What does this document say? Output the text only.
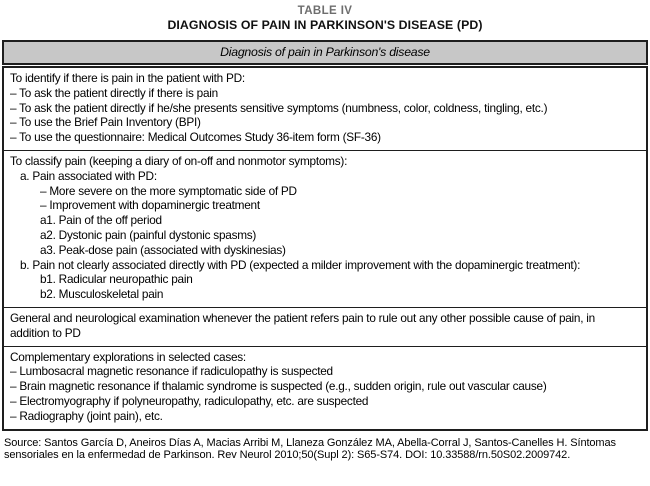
TABLE IV
DIAGNOSIS OF PAIN IN PARKINSON'S DISEASE (PD)
Diagnosis of pain in Parkinson's disease
To identify if there is pain in the patient with PD:
– To ask the patient directly if there is pain
– To ask the patient directly if he/she presents sensitive symptoms (numbness, color, coldness, tingling, etc.)
– To use the Brief Pain Inventory (BPI)
– To use the questionnaire: Medical Outcomes Study 36-item form (SF-36)
To classify pain (keeping a diary of on-off and nonmotor symptoms):
a. Pain associated with PD:
– More severe on the more symptomatic side of PD
– Improvement with dopaminergic treatment
a1. Pain of the off period
a2. Dystonic pain (painful dystonic spasms)
a3. Peak-dose pain (associated with dyskinesias)
b. Pain not clearly associated directly with PD (expected a milder improvement with the dopaminergic treatment):
b1. Radicular neuropathic pain
b2. Musculoskeletal pain
General and neurological examination whenever the patient refers pain to rule out any other possible cause of pain, in addition to PD
Complementary explorations in selected cases:
– Lumbosacral magnetic resonance if radiculopathy is suspected
– Brain magnetic resonance if thalamic syndrome is suspected (e.g., sudden origin, rule out vascular cause)
– Electromyography if polyneuropathy, radiculopathy, etc. are suspected
– Radiography (joint pain), etc.
Source: Santos García D, Aneiros Días A, Macias Arribi M, Llaneza González MA, Abella-Corral J, Santos-Canelles H. Síntomas sensoriales en la enfermedad de Parkinson. Rev Neurol 2010;50(Supl 2): S65-S74. DOI: 10.33588/rn.50S02.2009742.
